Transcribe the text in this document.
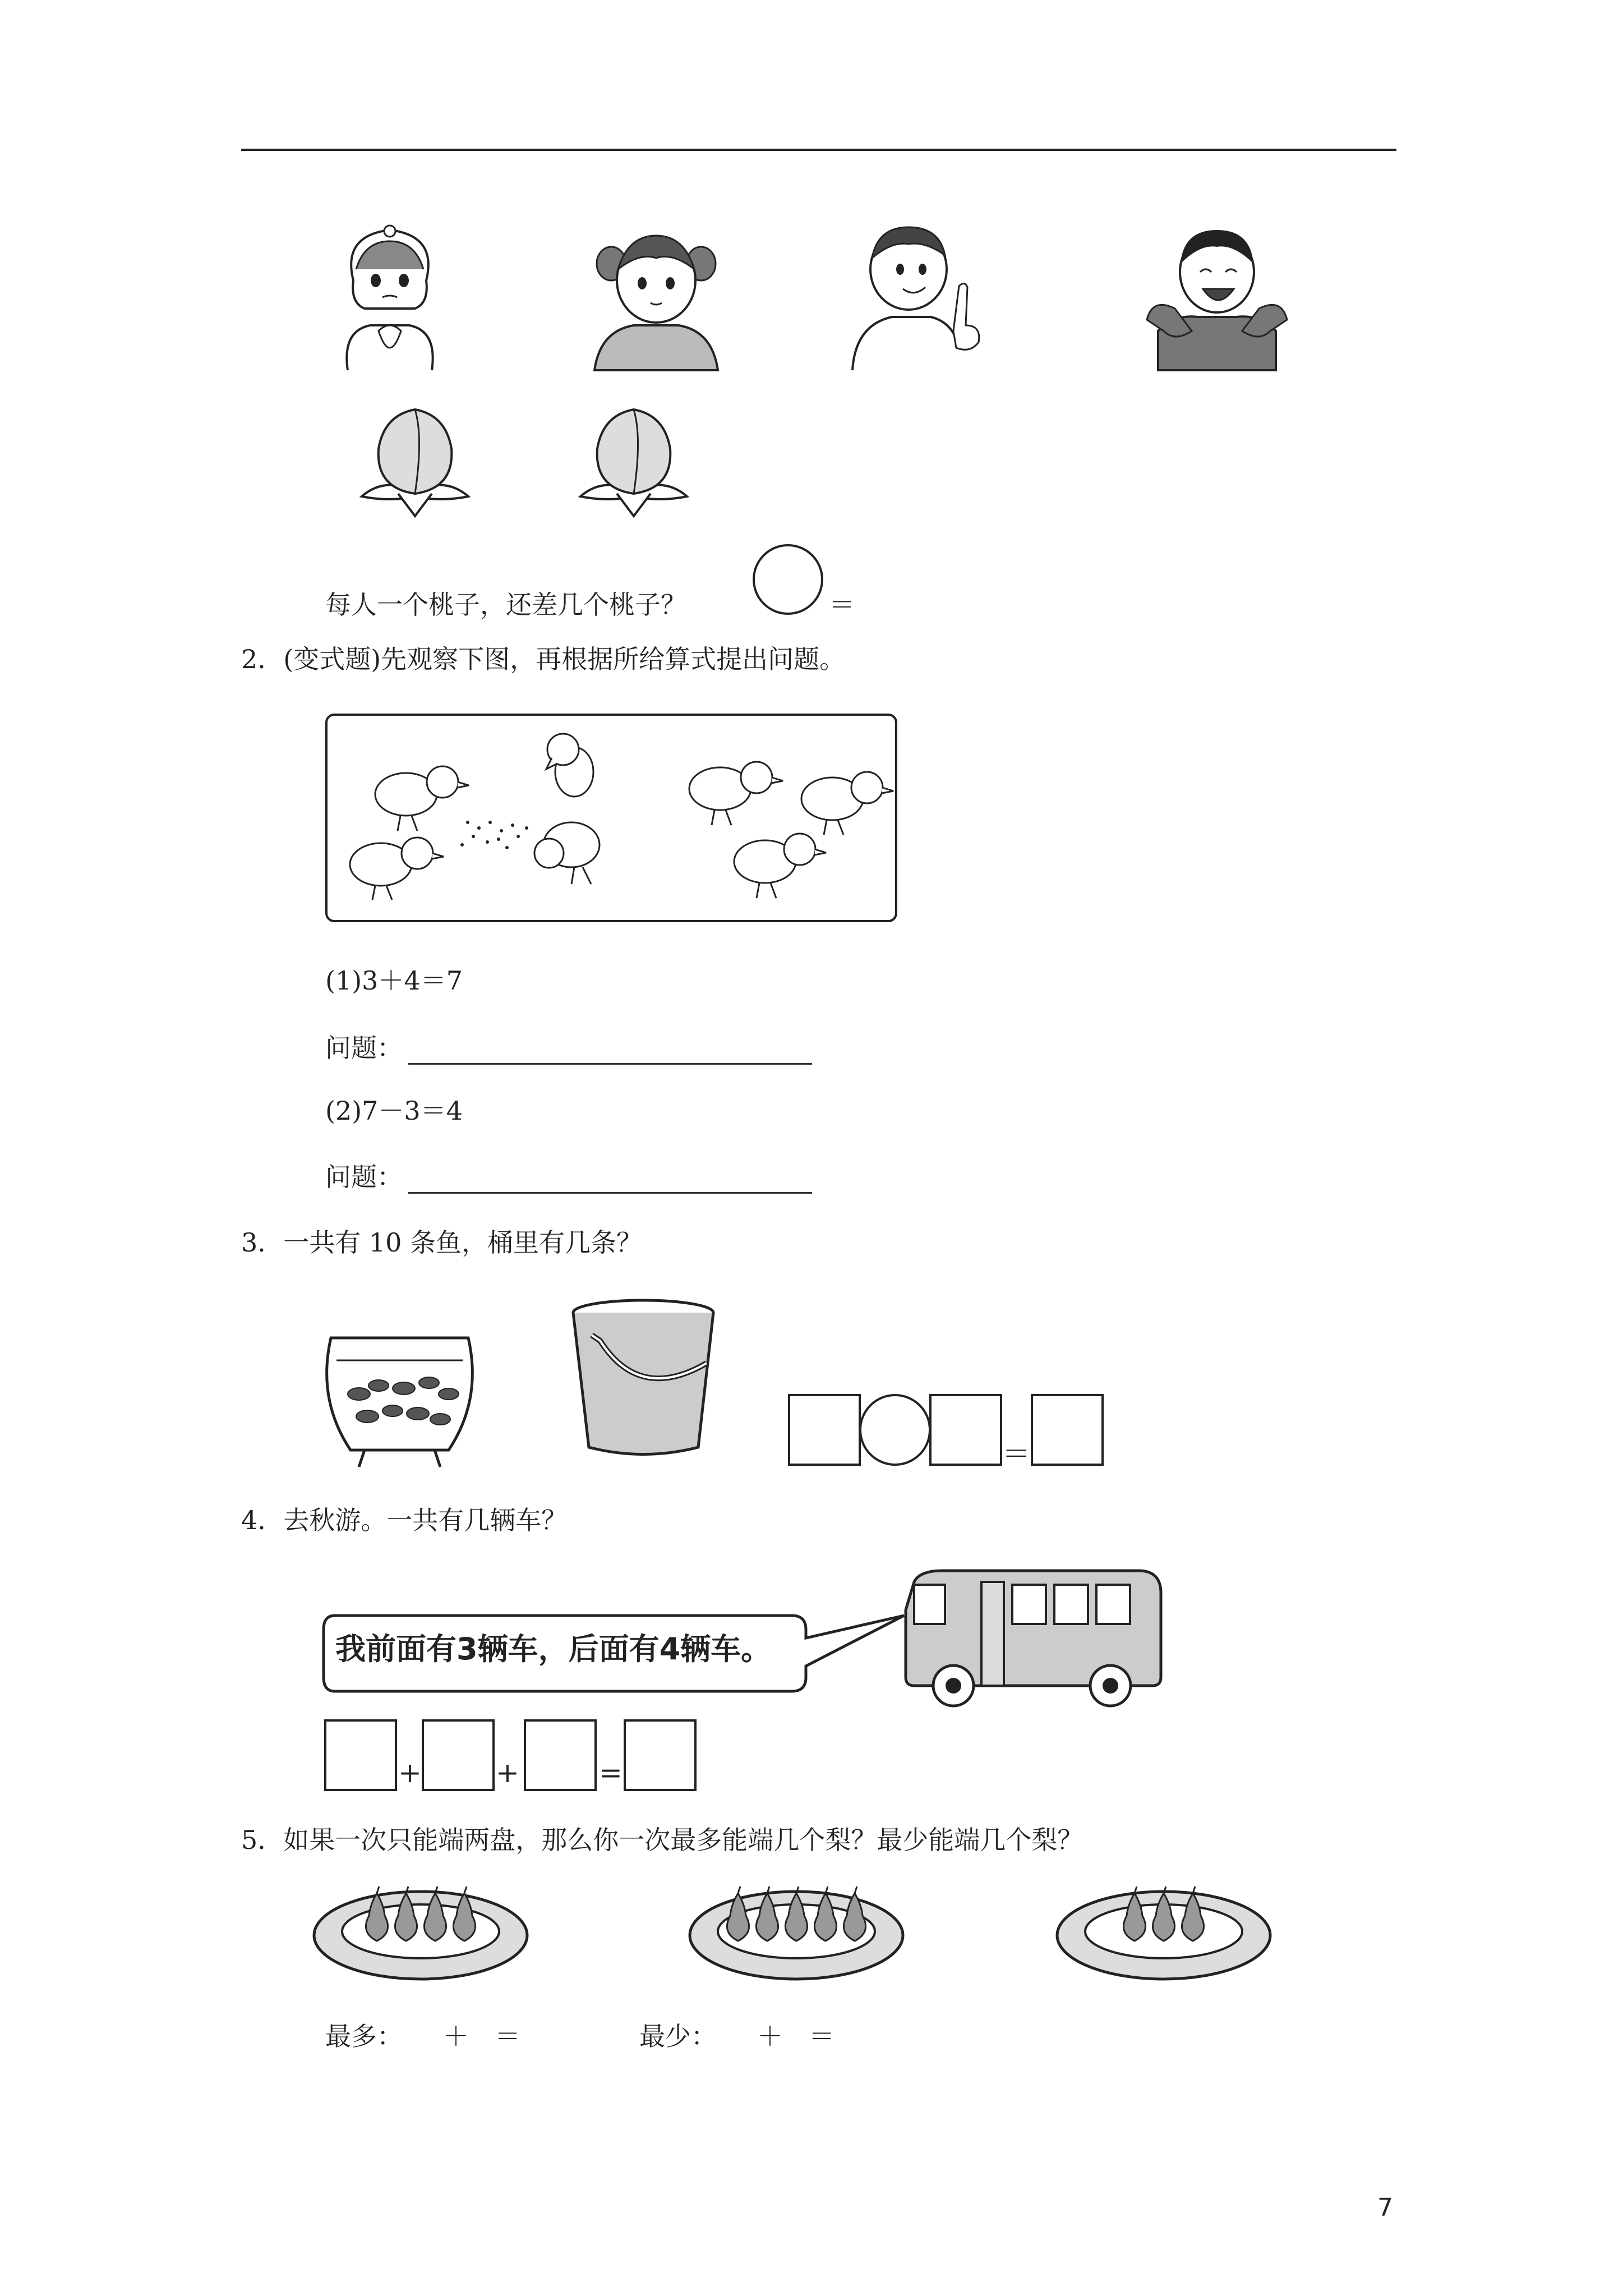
每人一个桃子，还差几个桃子？	＝
2．(变式题)先观察下图，再根据所给算式提出问题。
(1)3＋4＝7
问题：
(2)7－3＝4
问题：
3．一共有 10 条鱼，桶里有几条？
＝
4．去秋游。一共有几辆车？
我前面有3辆车，后面有4辆车。
+	+	=
5．如果一次只能端两盘，那么你一次最多能端几个梨？最少能端几个梨？
最多： ＋　＝	最少： ＋　＝
7
